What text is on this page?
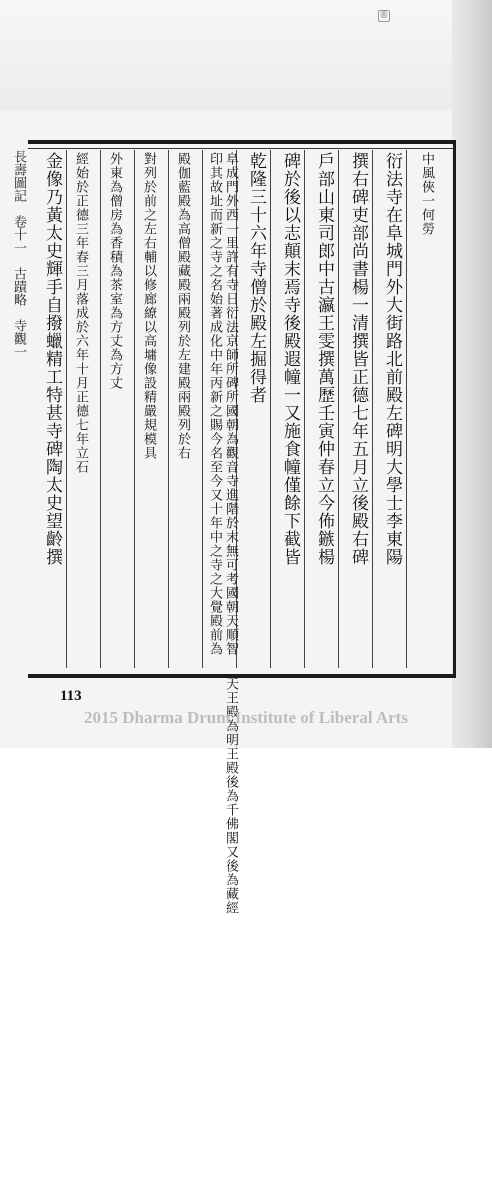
長壽圖記　卷十一　古蹟略　寺觀一	中風俠一何勞
衍法寺在阜城門外大街路北前殿左碑明大學士李東陽
撰右碑吏部尚書楊一清撰皆正德七年五月立後殿右碑
戶部山東司郎中古瀛王雯撰萬歷壬寅仲春立今佈鏃楊
碑於後以志顛末焉寺後殿遐幢一又施食幢僅餘下截皆
乾隆三十六年寺僧於殿左掘得者
阜成門外西一里許有寺日衍法京師所碑所國朝為觀音寺進階於末無可考國朝天順智印其故址而新之寺之名始著成化中年丙新之賜今名至今又十年中之寺之大覺殿前為天王殿為明王殿後為千佛閣又後為藏經
殿伽藍殿為高僧殿藏殿兩殿列於左建殿兩殿列於右
對列於前之左右輔以修廊繚以高墉像設精嚴規模具
外東為僧房為香積為茶室為方丈為方丈
經始於正德三年春三月落成於六年十月正德七年立石
金像乃黃太史輝手自撥蠟精工特甚寺碑陶太史望齡撰
113
2015 Dharma Drum Institute of Liberal Arts
®
